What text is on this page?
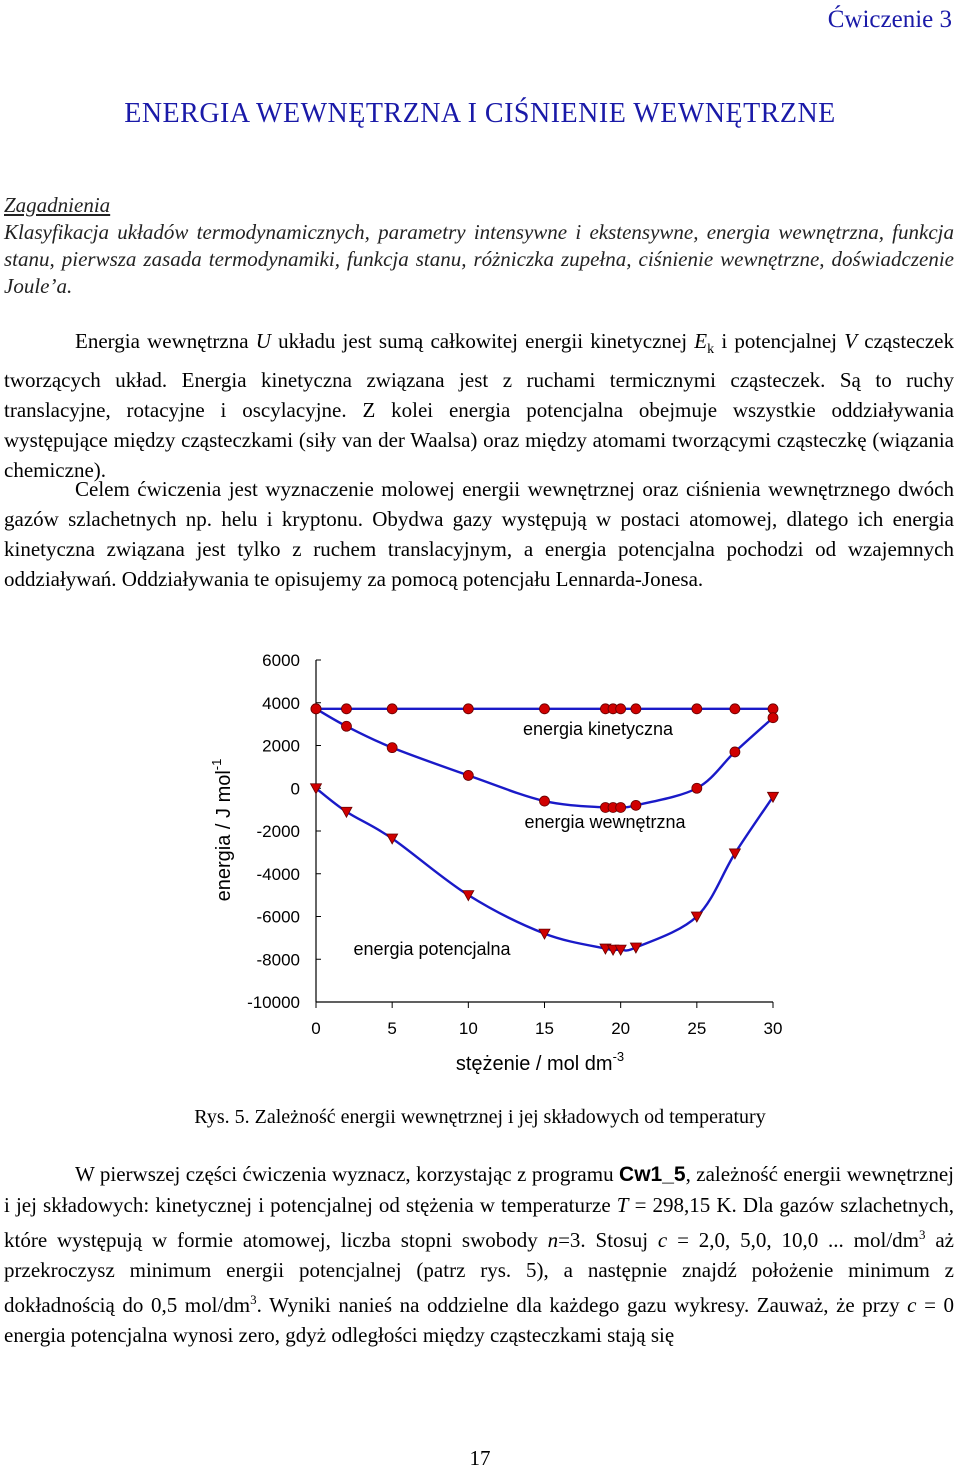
Ćwiczenie 3
ENERGIA WEWNĘTRZNA I CIŚNIENIE WEWNĘTRZNE
Zagadnienia
Klasyfikacja układów termodynamicznych, parametry intensywne i ekstensywne, energia wewnętrzna, funkcja stanu, pierwsza zasada termodynamiki, funkcja stanu, różniczka zupełna, ciśnienie wewnętrzne, doświadczenie Joule’a.
Energia wewnętrzna U układu jest sumą całkowitej energii kinetycznej $E_k$ i potencjalnej V cząsteczek tworzących układ. Energia kinetyczna związana jest z ruchami termicznymi cząsteczek. Są to ruchy translacyjne, rotacyjne i oscylacyjne. Z kolei energia potencjalna obejmuje wszystkie oddziaływania występujące między cząsteczkami (siły van der Waalsa) oraz między atomami tworzącymi cząsteczkę (wiązania chemiczne).
Celem ćwiczenia jest wyznaczenie molowej energii wewnętrznej oraz ciśnienia wewnętrznego dwóch gazów szlachetnych np. helu i kryptonu. Obydwa gazy występują w postaci atomowej, dlatego ich energia kinetyczna związana jest tylko z ruchem translacyjnym, a energia potencjalna pochodzi od wzajemnych oddziaływań. Oddziaływania te opisujemy za pomocą potencjału Lennarda-Jonesa.
6000
4000
2000
0
-2000
-4000
-6000
-8000
-10000
0	5	10	15	20	25	30
energia kinetyczna
energia wewnętrzna
energia potencjalna
stężenie / mol $dm^{-3}$
energia / J mol$^{-1}$
Rys. 5. Zależność energii wewnętrznej i jej składowych od temperatury
W pierwszej części ćwiczenia wyznacz, korzystając z programu Cw1_5, zależność energii wewnętrznej i jej składowych: kinetycznej i potencjalnej od stężenia w temperaturze T = 298,15 K. Dla gazów szlachetnych, które występują w formie atomowej, liczba stopni swobody n=3. Stosuj c = 2,0, 5,0, 10,0 ... mol/$dm^3$ aż przekroczysz minimum energii potencjalnej (patrz rys. 5), a następnie znajdź położenie minimum z dokładnością do 0,5 mol/$dm^3$. Wyniki nanieś na oddzielne dla każdego gazu wykresy. Zauważ, że przy c = 0 energia potencjalna wynosi zero, gdyż odległości między cząsteczkami stają się
17
